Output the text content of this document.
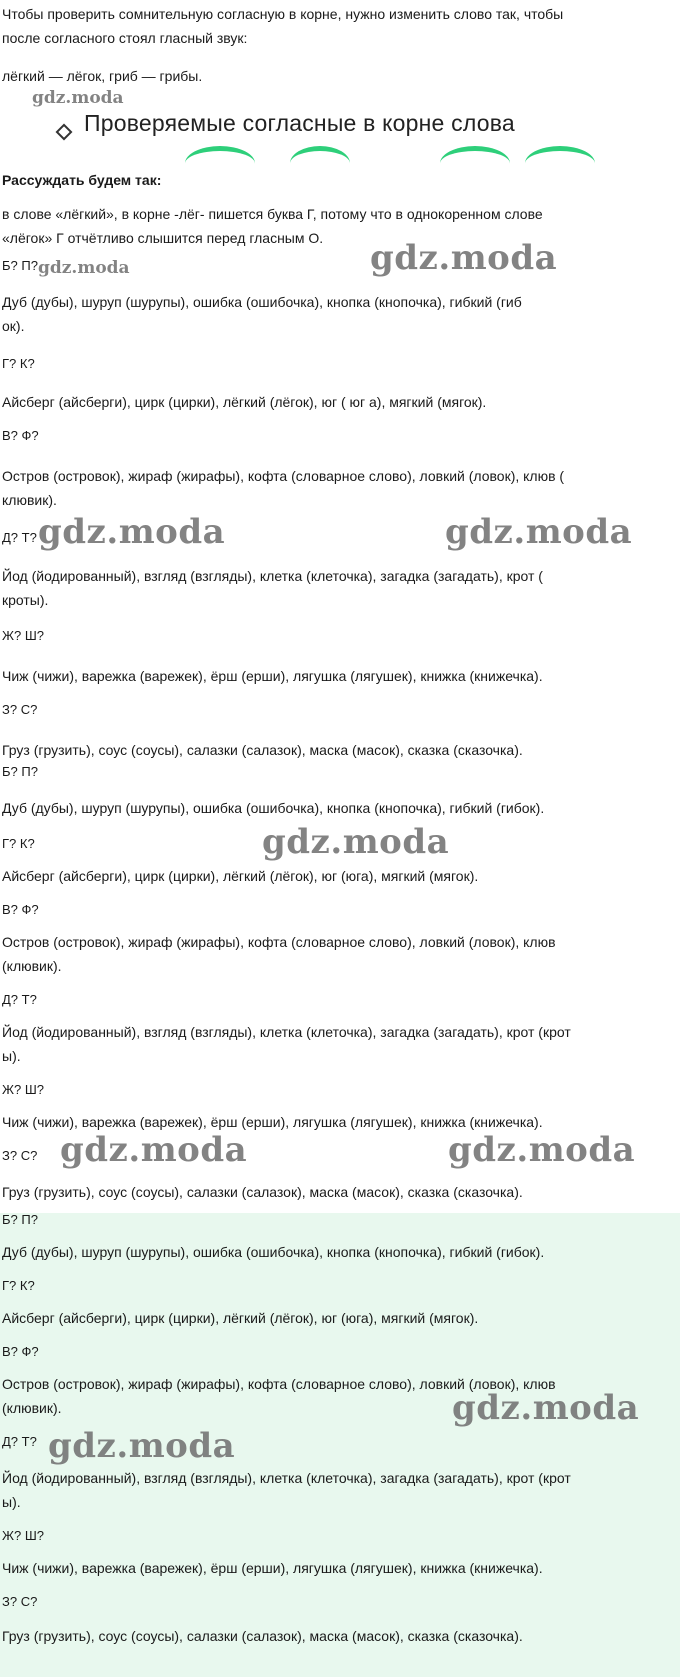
Чтобы проверить сомнительную согласную в корне, нужно изменить слово так, чтобы
после согласного стоял гласный звук:
лёгкий — лёгок, гриб — грибы.
gdz.moda
Проверяемые согласные в корне слова
Рассуждать будем так:
в слове «лёгкий», в корне -лёг- пишется буква Г, потому что в однокоренном слове
«лёгок» Г отчётливо слышится перед гласным О.
gdz.moda	gdz.moda
Б? П?
Дуб (дубы), шуруп (шурупы), ошибка (ошибочка), кнопка (кнопочка), гибкий (гиб
ок).
Г? К?
Айсберг (айсберги), цирк (цирки), лёгкий (лёгок), юг ( юг а), мягкий (мягок).
В? Ф?
Остров (островок), жираф (жирафы), кофта (словарное слово), ловкий (ловок), клюв (
клювик).
gdz.moda	gdz.moda
Д? Т?
Йод (йодированный), взгляд (взгляды), клетка (клеточка), загадка (загадать), крот (
кроты).
Ж? Ш?
Чиж (чижи), варежка (варежек), ёрш (ерши), лягушка (лягушек), книжка (книжечка).
З? С?
Груз (грузить), соус (соусы), салазки (салазок), маска (масок), сказка (сказочка).
Б? П?
Дуб (дубы), шуруп (шурупы), ошибка (ошибочка), кнопка (кнопочка), гибкий (гибок).
gdz.moda
Г? К?
Айсберг (айсберги), цирк (цирки), лёгкий (лёгок), юг (юга), мягкий (мягок).
В? Ф?
Остров (островок), жираф (жирафы), кофта (словарное слово), ловкий (ловок), клюв
(клювик).
Д? Т?
Йод (йодированный), взгляд (взгляды), клетка (клеточка), загадка (загадать), крот (крот
ы).
Ж? Ш?
Чиж (чижи), варежка (варежек), ёрш (ерши), лягушка (лягушек), книжка (книжечка).
gdz.moda	gdz.moda
З? С?
Груз (грузить), соус (соусы), салазки (салазок), маска (масок), сказка (сказочка).
Б? П?
Дуб (дубы), шуруп (шурупы), ошибка (ошибочка), кнопка (кнопочка), гибкий (гибок).
Г? К?
Айсберг (айсберги), цирк (цирки), лёгкий (лёгок), юг (юга), мягкий (мягок).
В? Ф?
Остров (островок), жираф (жирафы), кофта (словарное слово), ловкий (ловок), клюв
(клювик).	gdz.moda
gdz.moda
Д? Т?
Йод (йодированный), взгляд (взгляды), клетка (клеточка), загадка (загадать), крот (крот
ы).
Ж? Ш?
Чиж (чижи), варежка (варежек), ёрш (ерши), лягушка (лягушек), книжка (книжечка).
З? С?
Груз (грузить), соус (соусы), салазки (салазок), маска (масок), сказка (сказочка).
